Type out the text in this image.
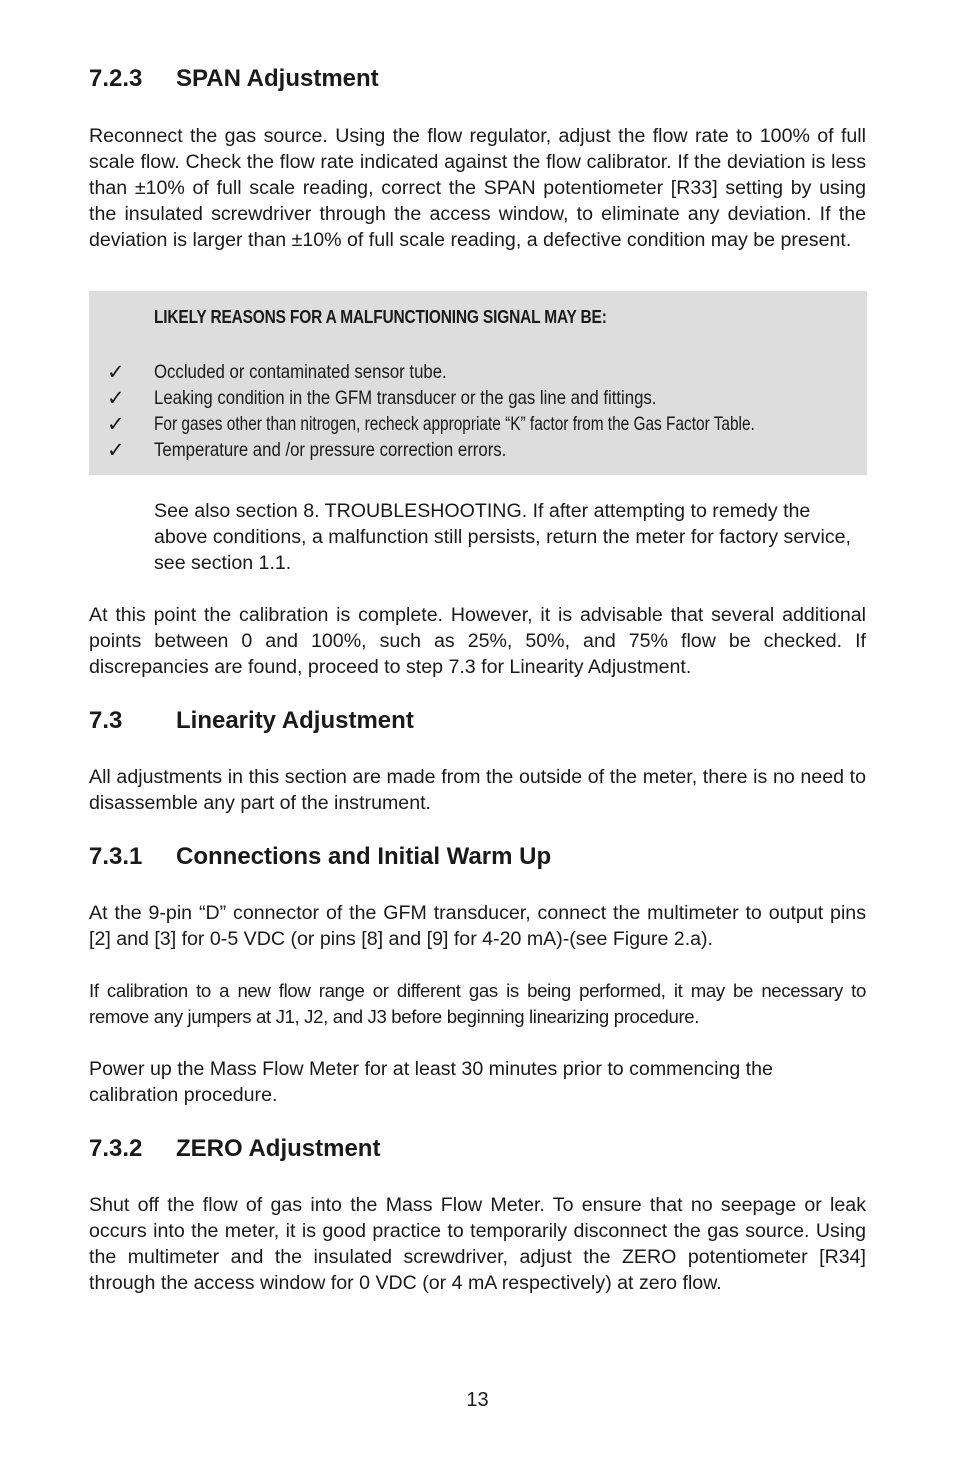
7.2.3 SPAN Adjustment

Reconnect the gas source. Using the flow regulator, adjust the flow rate to 100% of full scale flow. Check the flow rate indicated against the flow calibrator. If the deviation is less than ±10% of full scale reading, correct the SPAN potentiometer [R33] setting by using the insulated screwdriver through the access window, to eliminate any deviation. If the deviation is larger than ±10% of full scale reading, a defective condition may be present.

LIKELY REASONS FOR A MALFUNCTIONING SIGNAL MAY BE:
✓ Occluded or contaminated sensor tube.
✓ Leaking condition in the GFM transducer or the gas line and fittings.
✓ For gases other than nitrogen, recheck appropriate “K” factor from the Gas Factor Table.
✓ Temperature and /or pressure correction errors.

See also section 8. TROUBLESHOOTING. If after attempting to remedy the above conditions, a malfunction still persists, return the meter for factory service, see section 1.1.

At this point the calibration is complete. However, it is advisable that several additional points between 0 and 100%, such as 25%, 50%, and 75% flow be checked. If discrepancies are found, proceed to step 7.3 for Linearity Adjustment.

7.3 Linearity Adjustment

All adjustments in this section are made from the outside of the meter, there is no need to disassemble any part of the instrument.

7.3.1 Connections and Initial Warm Up

At the 9-pin “D” connector of the GFM transducer, connect the multimeter to output pins [2] and [3] for 0-5 VDC (or pins [8] and [9] for 4-20 mA)-(see Figure 2.a).

If calibration to a new flow range or different gas is being performed, it may be necessary to remove any jumpers at J1, J2, and J3 before beginning linearizing procedure.

Power up the Mass Flow Meter for at least 30 minutes prior to commencing the calibration procedure.

7.3.2 ZERO Adjustment

Shut off the flow of gas into the Mass Flow Meter. To ensure that no seepage or leak occurs into the meter, it is good practice to temporarily disconnect the gas source. Using the multimeter and the insulated screwdriver, adjust the ZERO potentiometer [R34] through the access window for 0 VDC (or 4 mA respectively) at zero flow.

13
